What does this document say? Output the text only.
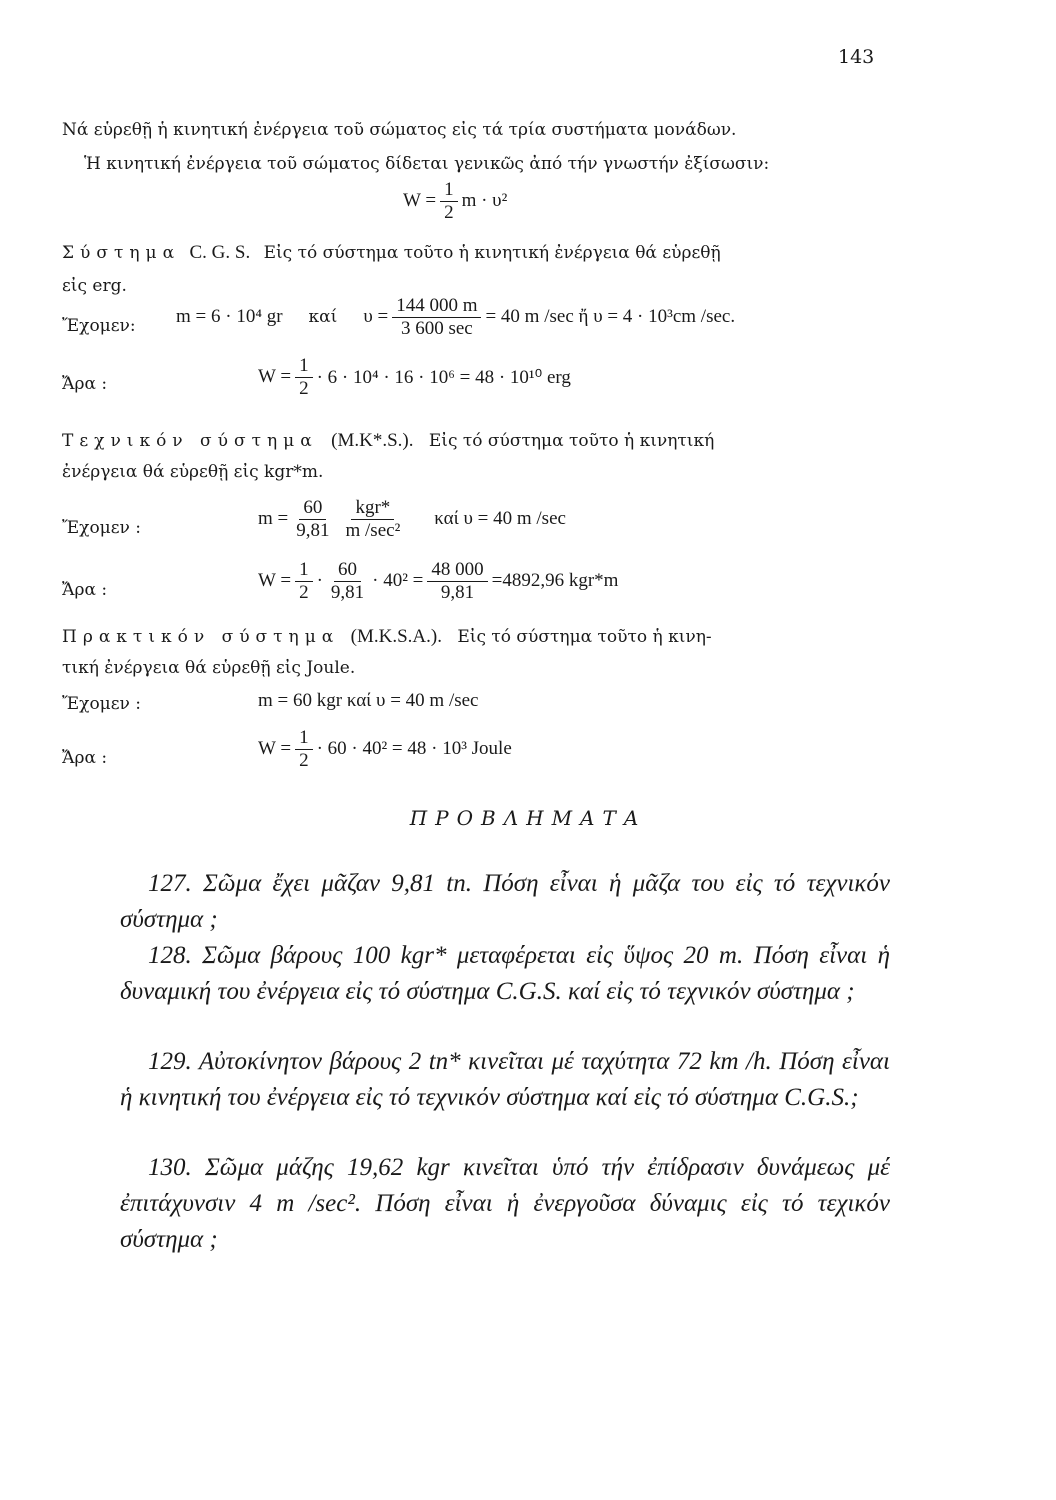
143
Νά εὑρεθῇ ἡ κινητική ἐνέργεια τοῦ σώματος εἰς τά τρία συστήματα μονάδων.
Ἡ κινητική ἐνέργεια τοῦ σώματος δίδεται γενικῶς ἀπό τήν γνωστήν ἐξίσωσιν:
$W = \frac{1}{2}$ m · υ²
Σύστημα C. G. S. Εἰς τό σύστημα τοῦτο ἡ κινητική ἐνέργεια θά εὑρεθῇ
εἰς erg.
Ἔχομεν: m = 6 · 10⁴ gr καί $\upsilon = \frac{144 000 m}{3 600 \sec} = 40$ m /sec ἤ υ = 4 · 10³cm /sec.
Ἄρα :	$W = \frac{1}{2} \cdot 6 \cdot 10^4 \cdot 16 \cdot 10^6 = 48 \cdot 10^{10}$ erg
Τεχνικόν σύστημα (M.K*.S.). Εἰς τό σύστημα τοῦτο ἡ κινητική
ἐνέργεια θά εὑρεθῇ εἰς kgr*m.
Ἔχομεν :	$m = \frac{60}{9,81} \frac{\text{kgr*}}{\text{m /sec²}}$ καί υ = 40 m /sec
Ἄρα :	$W = \frac{1}{2} \cdot \frac{60}{9,81} \cdot 40^2 = \frac{48 000}{9,81} =4892,96$ kgr*m
Πρακτικόν σύστημα (M.K.S.A.). Εἰς τό σύστημα τοῦτο ἡ κινη-
τική ἐνέργεια θά εὑρεθῇ εἰς Joule.
Ἔχομεν :	m = 60 kgr καί υ = 40 m /sec
Ἄρα :	$W = \frac{1}{2} \cdot 60 \cdot 40^2 = 48 \cdot 10^3$ Joule
ΠΡΟΒΛΗΜΑΤΑ
127. Σῶμα ἔχει μᾶζαν 9,81 tn. Πόση εἶναι ἡ μᾶζα του εἰς τό τεχνικόν σύστημα ;
128. Σῶμα βάρους 100 kgr* μεταφέρεται εἰς ὕψος 20 m. Πόση εἶναι ἡ δυναμική του ἐνέργεια εἰς τό σύστημα C.G.S. καί εἰς τό τεχνικόν σύστημα ;
129. Αὐτοκίνητον βάρους 2 tn* κινεῖται μέ ταχύτητα 72 km /h. Πόση εἶναι ἡ κινητική του ἐνέργεια εἰς τό τεχνικόν σύστημα καί εἰς τό σύστημα C.G.S.;
130. Σῶμα μάζης 19,62 kgr κινεῖται ὑπό τήν ἐπίδρασιν δυνάμεως μέ ἐπιτάχυνσιν 4 m /sec². Πόση εἶναι ἡ ἐνεργοῦσα δύναμις εἰς τό τεχικόν σύστημα ;
